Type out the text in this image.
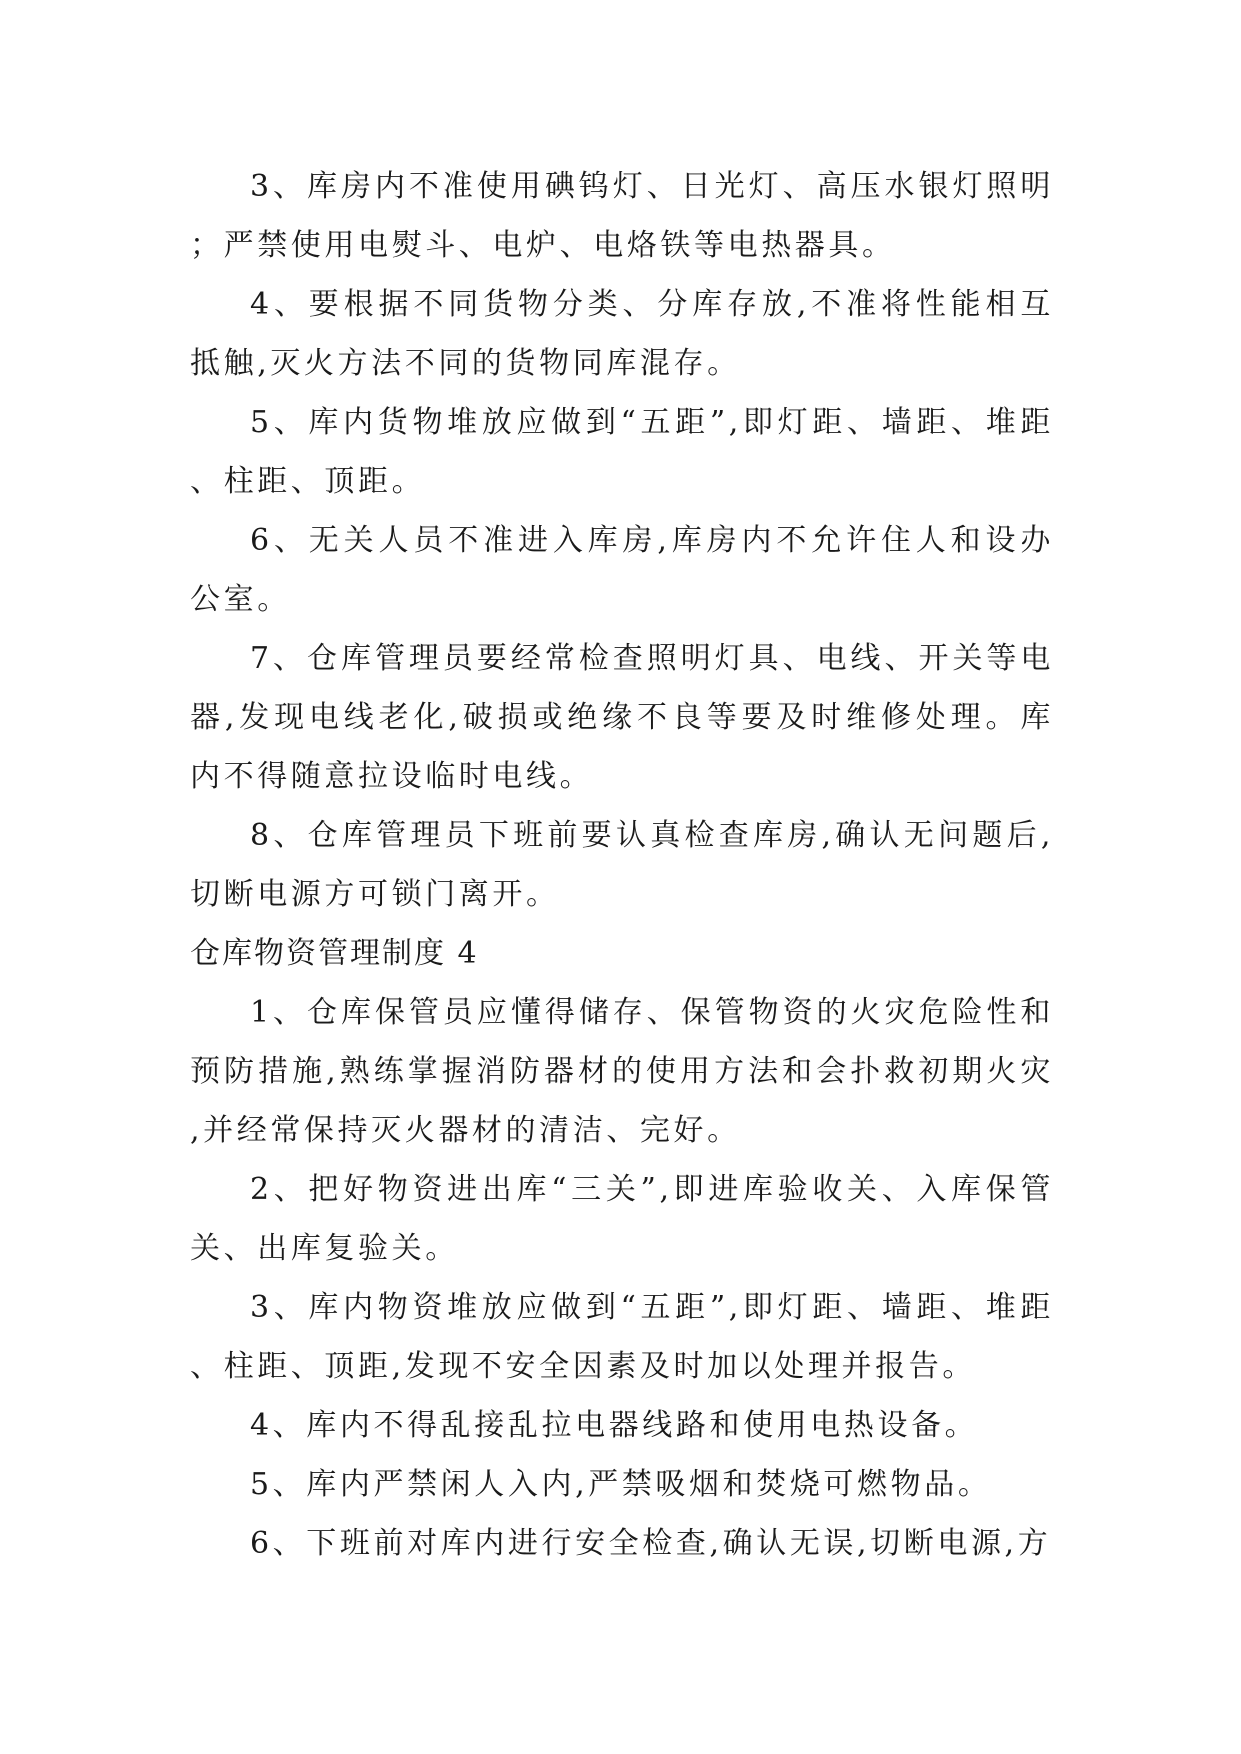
3、库房内不准使用碘钨灯、日光灯、高压水银灯照明；严禁使用电熨斗、电炉、电烙铁等电热器具。

4、要根据不同货物分类、分库存放,不准将性能相互抵触,灭火方法不同的货物同库混存。

5、库内货物堆放应做到“五距”,即灯距、墙距、堆距、柱距、顶距。

6、无关人员不准进入库房,库房内不允许住人和设办公室。

7、仓库管理员要经常检查照明灯具、电线、开关等电器,发现电线老化,破损或绝缘不良等要及时维修处理。库内不得随意拉设临时电线。

8、仓库管理员下班前要认真检查库房,确认无问题后,切断电源方可锁门离开。

仓库物资管理制度 4

1、仓库保管员应懂得储存、保管物资的火灾危险性和预防措施,熟练掌握消防器材的使用方法和会扑救初期火灾,并经常保持灭火器材的清洁、完好。

2、把好物资进出库“三关”,即进库验收关、入库保管关、出库复验关。

3、库内物资堆放应做到“五距”,即灯距、墙距、堆距、柱距、顶距,发现不安全因素及时加以处理并报告。

4、库内不得乱接乱拉电器线路和使用电热设备。

5、库内严禁闲人入内,严禁吸烟和焚烧可燃物品。

6、下班前对库内进行安全检查,确认无误,切断电源,方
